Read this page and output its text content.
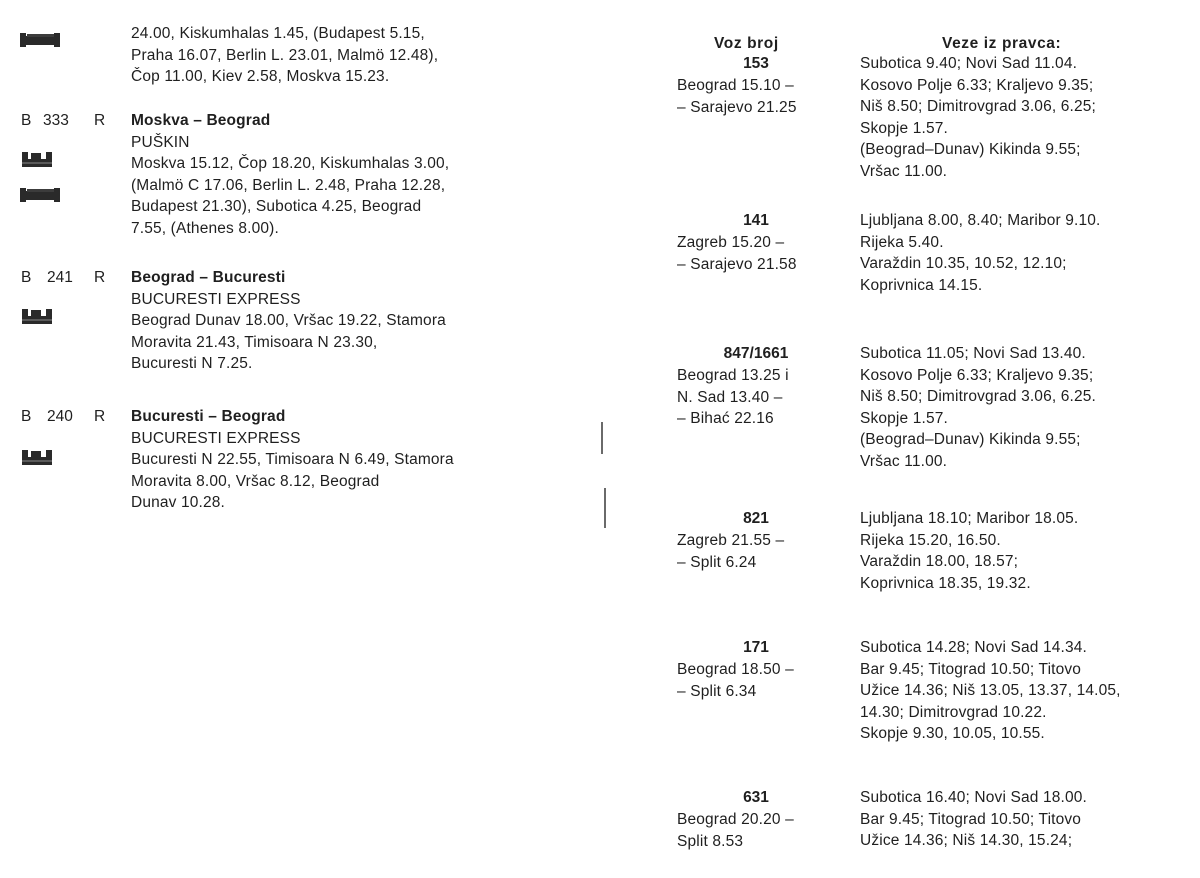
24.00, Kiskumhalas 1.45, (Budapest 5.15,
Praha 16.07, Berlin L. 23.01, Malmö 12.48),
Čop 11.00, Kiev 2.58, Moskva 15.23.
B 333 R Moskva – Beograd
PUŠKIN
Moskva 15.12, Čop 18.20, Kiskumhalas 3.00,
(Malmö C 17.06, Berlin L. 2.48, Praha 12.28,
Budapest 21.30), Subotica 4.25, Beograd
7.55, (Athenes 8.00).
B 241 R Beograd – Bucuresti
BUCURESTI EXPRESS
Beograd Dunav 18.00, Vršac 19.22, Stamora
Moravita 21.43, Timisoara N 23.30,
Bucuresti N 7.25.
B 240 R Bucuresti – Beograd
BUCURESTI EXPRESS
Bucuresti N 22.55, Timisoara N 6.49, Stamora
Moravita 8.00, Vršac 8.12, Beograd
Dunav 10.28.
Voz broj	Veze iz pravca:
153
Beograd 15.10 –
– Sarajevo 21.25
Subotica 9.40; Novi Sad 11.04.
Kosovo Polje 6.33; Kraljevo 9.35;
Niš 8.50; Dimitrovgrad 3.06, 6.25;
Skopje 1.57.
(Beograd–Dunav) Kikinda 9.55;
Vršac 11.00.
141
Zagreb 15.20 –
– Sarajevo 21.58
Ljubljana 8.00, 8.40; Maribor 9.10.
Rijeka 5.40.
Varaždin 10.35, 10.52, 12.10;
Koprivnica 14.15.
847/1661
Beograd 13.25 i
N. Sad 13.40 –
– Bihać 22.16
Subotica 11.05; Novi Sad 13.40.
Kosovo Polje 6.33; Kraljevo 9.35;
Niš 8.50; Dimitrovgrad 3.06, 6.25.
Skopje 1.57.
(Beograd–Dunav) Kikinda 9.55;
Vršac 11.00.
821
Zagreb 21.55 –
– Split 6.24
Ljubljana 18.10; Maribor 18.05.
Rijeka 15.20, 16.50.
Varaždin 18.00, 18.57;
Koprivnica 18.35, 19.32.
171
Beograd 18.50 –
– Split 6.34
Subotica 14.28; Novi Sad 14.34.
Bar 9.45; Titograd 10.50; Titovo
Užice 14.36; Niš 13.05, 13.37, 14.05,
14.30; Dimitrovgrad 10.22.
Skopje 9.30, 10.05, 10.55.
631
Beograd 20.20 –
Split 8.53
Subotica 16.40; Novi Sad 18.00.
Bar 9.45; Titograd 10.50; Titovo
Užice 14.36; Niš 14.30, 15.24;
